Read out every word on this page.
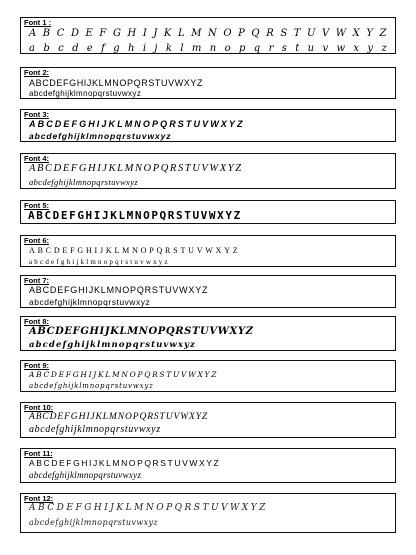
Font 1 :
A B C D E F G H I J K L M N O P Q R S T U V W X Y Z
a b c d e f g h i j k l m n o p q r s t u v w x y z
Font 2:
ABCDEFGHIJKLMNOPQRSTUVWXYZ
abcdefghijklmnopqrstuvwxyz
Font 3:
ABCDEFGHIJKLMNOPQRSTUVWXYZ
abcdefghijklmnopqrstuvwxyz
Font 4:
ABCDEFGHIJKLMNOPQRSTUVWXYZ
abcdefghijklmnopqrstuvwxyz
Font 5:
ABCDEFGHIJKLMNOPQRSTUVWXYZ
Font 6:
ABCDEFGHIJKLMNOPQRSTUVWXYZ
abcdefghijklmnopqrstuvwxyz
Font 7:
ABCDEFGHIJKLMNOPQRSTUVWXYZ
abcdefghijklmnopqrstuvwxyz
Font 8:
ABCDEFGHIJKLMNOPQRSTUVWXYZ
abcdefghijklmnopqrstuvwxyz
Font 9:
ABCDEFGHIJKLMNOPQRSTUVWXYZ
abcdefghijklmnopqrstuvwxyz
Font 10:
ABCDEFGHIJKLMNOPQRSTUVWXYZ
abcdefghijklmnopqrstuvwxyz
Font 11:
ABCDEFGHIJKLMNOPQRSTUVWXYZ
abcdefghijklmnopqrstuvwxyz
Font 12:
ABCDEFGHIJKLMNOPQRSTUVWXYZ
abcdefghijklmnopqrstuvwxyz
